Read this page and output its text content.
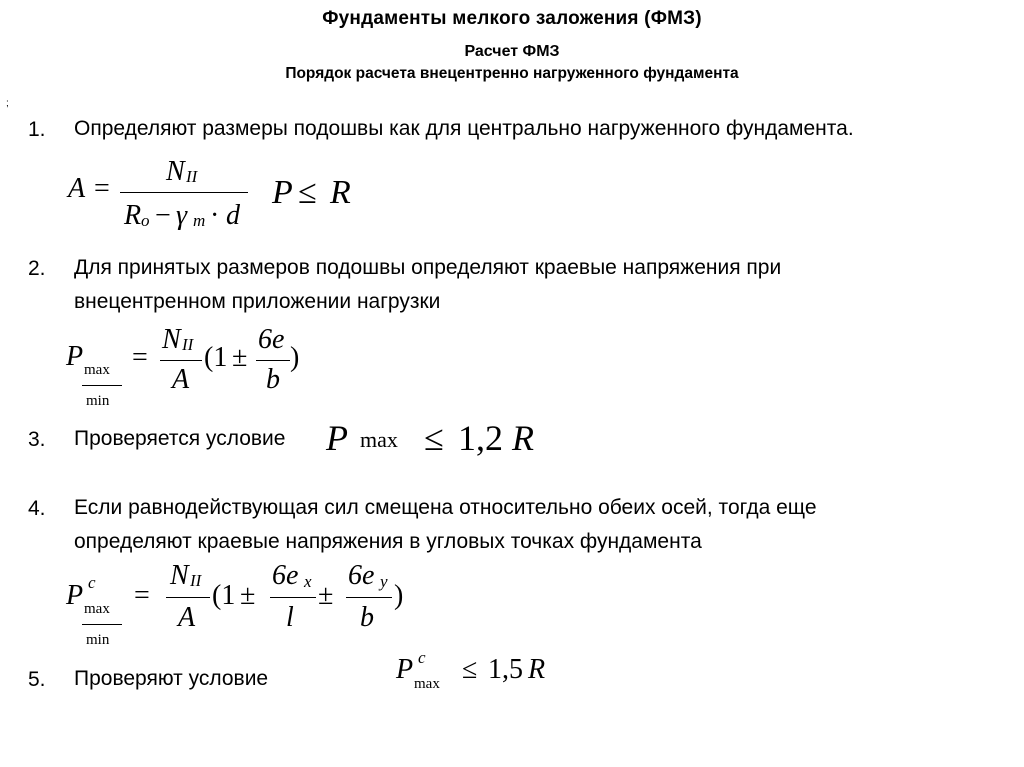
Фундаменты мелкого заложения (ФМЗ)
Расчет ФМЗ
Порядок расчета внецентренно нагруженного фундамента
;
1. Определяют размеры подошвы как для центрально нагруженного фундамента.
A =
N II
R o − γ m · d
P ≤ R
2. Для принятых размеров подошвы определяют краевые напряжения при
внецентренном приложении нагрузки
P max
min
=
N II
A
(1 ±
6e
b
)
3. Проверяется условие P max ≤ 1,2 R
4. Если равнодействующая сил смещена относительно обеих осей, тогда еще
определяют краевые напряжения в угловых точках фундамента
P c
max
min
=
N II
A
(1 ±
6e x
l
±
6e y
b
)
5. Проверяют условие	P c
max ≤ 1,5 R
